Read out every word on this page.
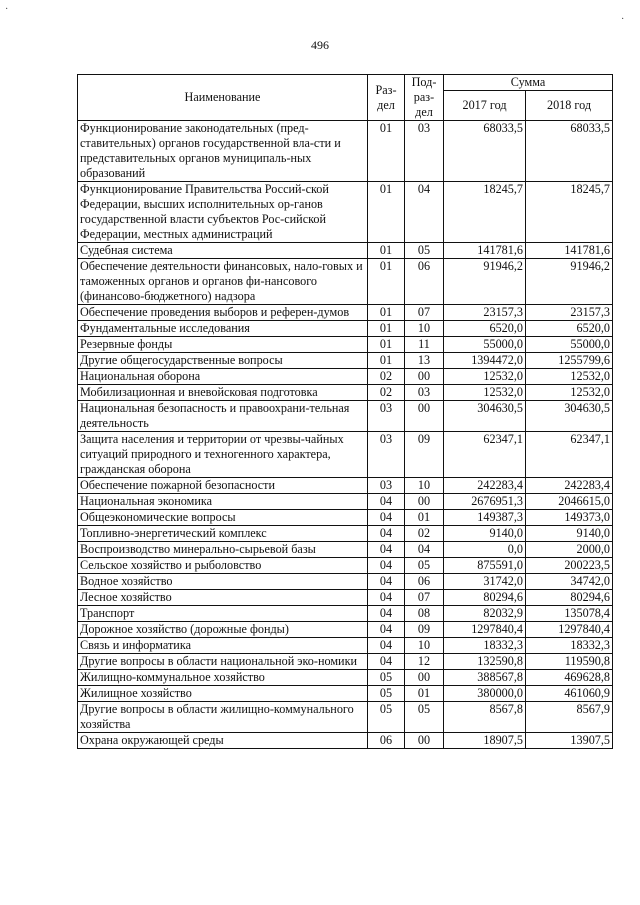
496
·
·
Наименование	Раз-дел	Под-раз-дел	Сумма	
			2017 год	2018 год
Функционирование законодательных (пред-ставительных) органов государственной вла-сти и представительных органов муниципаль-ных образований	01	03	68033,5	68033,5
Функционирование Правительства Россий-ской Федерации, высших исполнительных ор-ганов государственной власти субъектов Рос-сийской Федерации, местных администраций	01	04	18245,7	18245,7
Судебная система	01	05	141781,6	141781,6
Обеспечение деятельности финансовых, нало-говых и таможенных органов и органов фи-нансового (финансово-бюджетного) надзора	01	06	91946,2	91946,2
Обеспечение проведения выборов и референ-думов	01	07	23157,3	23157,3
Фундаментальные исследования	01	10	6520,0	6520,0
Резервные фонды	01	11	55000,0	55000,0
Другие общегосударственные вопросы	01	13	1394472,0	1255799,6
Национальная оборона	02	00	12532,0	12532,0
Мобилизационная и вневойсковая подготовка	02	03	12532,0	12532,0
Национальная безопасность и правоохрани-тельная деятельность	03	00	304630,5	304630,5
Защита населения и территории от чрезвы-чайных ситуаций природного и техногенного характера, гражданская оборона	03	09	62347,1	62347,1
Обеспечение пожарной безопасности	03	10	242283,4	242283,4
Национальная экономика	04	00	2676951,3	2046615,0
Общеэкономические вопросы	04	01	149387,3	149373,0
Топливно-энергетический комплекс	04	02	9140,0	9140,0
Воспроизводство минерально-сырьевой базы	04	04	0,0	2000,0
Сельское хозяйство и рыболовство	04	05	875591,0	200223,5
Водное хозяйство	04	06	31742,0	34742,0
Лесное хозяйство	04	07	80294,6	80294,6
Транспорт	04	08	82032,9	135078,4
Дорожное хозяйство (дорожные фонды)	04	09	1297840,4	1297840,4
Связь и информатика	04	10	18332,3	18332,3
Другие вопросы в области национальной эко-номики	04	12	132590,8	119590,8
Жилищно-коммунальное хозяйство	05	00	388567,8	469628,8
Жилищное хозяйство	05	01	380000,0	461060,9
Другие вопросы в области жилищно-коммунального хозяйства	05	05	8567,8	8567,9
Охрана окружающей среды	06	00	18907,5	13907,5
